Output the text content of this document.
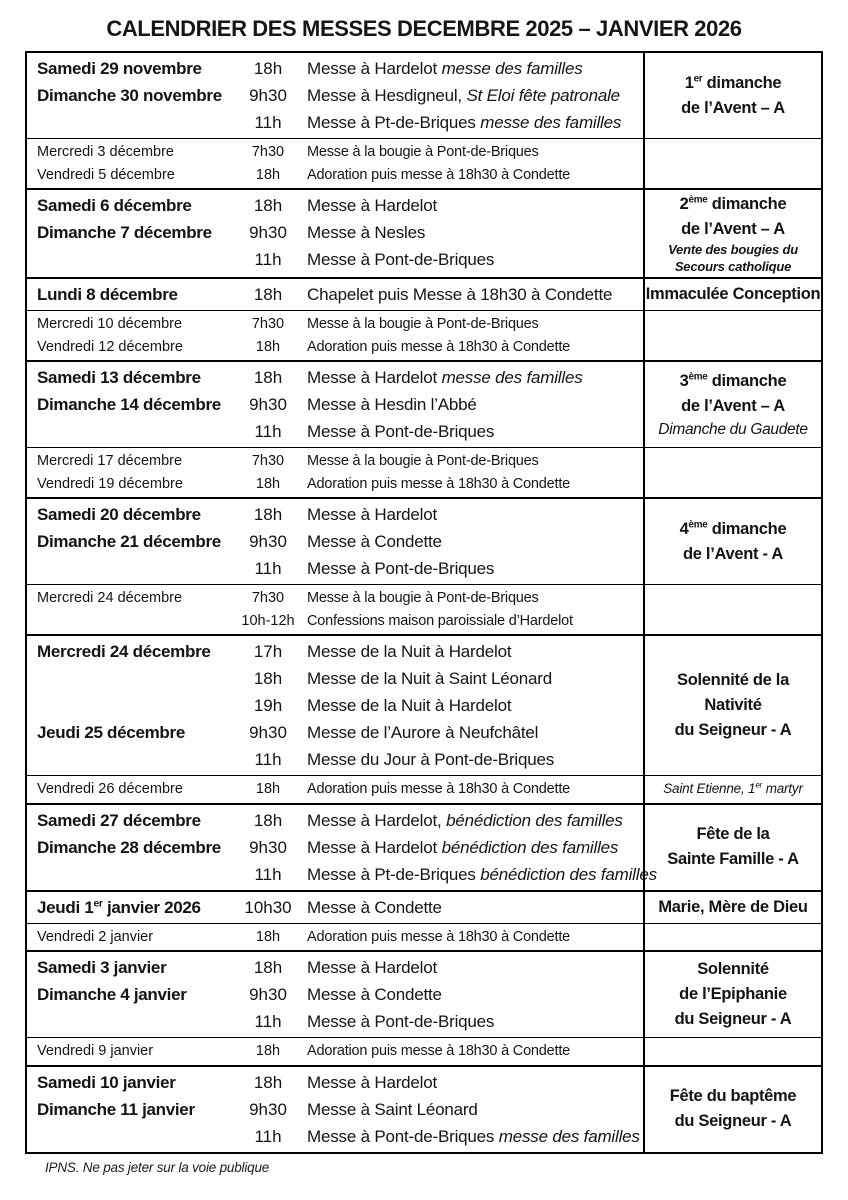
CALENDRIER DES MESSES DECEMBRE 2025 – JANVIER 2026
Samedi 29 novembre	18h	Messe à Hardelot messe des familles
Dimanche 30 novembre	9h30	Messe à Hesdigneul, St Eloi fête patronale
11h	Messe à Pt-de-Briques messe des familles
1er dimanche
de l’Avent – A
Mercredi 3 décembre	7h30	Messe à la bougie à Pont-de-Briques
Vendredi 5 décembre	18h	Adoration puis messe à 18h30 à Condette
Samedi 6 décembre	18h	Messe à Hardelot
Dimanche 7 décembre	9h30	Messe à Nesles
11h	Messe à Pont-de-Briques
2ème dimanche
de l’Avent – A
Vente des bougies du
Secours catholique
Lundi 8 décembre	18h	Chapelet puis Messe à 18h30 à Condette	Immaculée Conception
Mercredi 10 décembre	7h30	Messe à la bougie à Pont-de-Briques
Vendredi 12 décembre	18h	Adoration puis messe à 18h30 à Condette
Samedi 13 décembre	18h	Messe à Hardelot messe des familles
Dimanche 14 décembre	9h30	Messe à Hesdin l’Abbé
11h	Messe à Pont-de-Briques
3ème dimanche
de l’Avent – A
Dimanche du Gaudete
Mercredi 17 décembre	7h30	Messe à la bougie à Pont-de-Briques
Vendredi 19 décembre	18h	Adoration puis messe à 18h30 à Condette
Samedi 20 décembre	18h	Messe à Hardelot
Dimanche 21 décembre	9h30	Messe à Condette
11h	Messe à Pont-de-Briques
4ème dimanche
de l’Avent - A
Mercredi 24 décembre	7h30	Messe à la bougie à Pont-de-Briques
10h-12h Confessions maison paroissiale d’Hardelot
Mercredi 24 décembre	17h	Messe de la Nuit à Hardelot
18h	Messe de la Nuit à Saint Léonard
19h	Messe de la Nuit à Hardelot
Jeudi 25 décembre	9h30	Messe de l’Aurore à Neufchâtel
11h	Messe du Jour à Pont-de-Briques
Solennité de la
Nativité
du Seigneur - A
Vendredi 26 décembre	18h	Adoration puis messe à 18h30 à Condette	Saint Etienne, 1er martyr
Samedi 27 décembre	18h	Messe à Hardelot, bénédiction des familles
Dimanche 28 décembre	9h30	Messe à Hardelot bénédiction des familles
11h	Messe à Pt-de-Briques bénédiction des familles
Fête de la
Sainte Famille - A
Jeudi 1er janvier 2026	10h30 Messe à Condette	Marie, Mère de Dieu
Vendredi 2 janvier	18h	Adoration puis messe à 18h30 à Condette
Samedi 3 janvier	18h	Messe à Hardelot
Dimanche 4 janvier	9h30	Messe à Condette
11h	Messe à Pont-de-Briques
Solennité
de l’Epiphanie
du Seigneur - A
Vendredi 9 janvier	18h	Adoration puis messe à 18h30 à Condette
Samedi 10 janvier	18h	Messe à Hardelot
Dimanche 11 janvier	9h30	Messe à Saint Léonard
11h	Messe à Pont-de-Briques messe des familles
Fête du baptême
du Seigneur - A
IPNS. Ne pas jeter sur la voie publique
